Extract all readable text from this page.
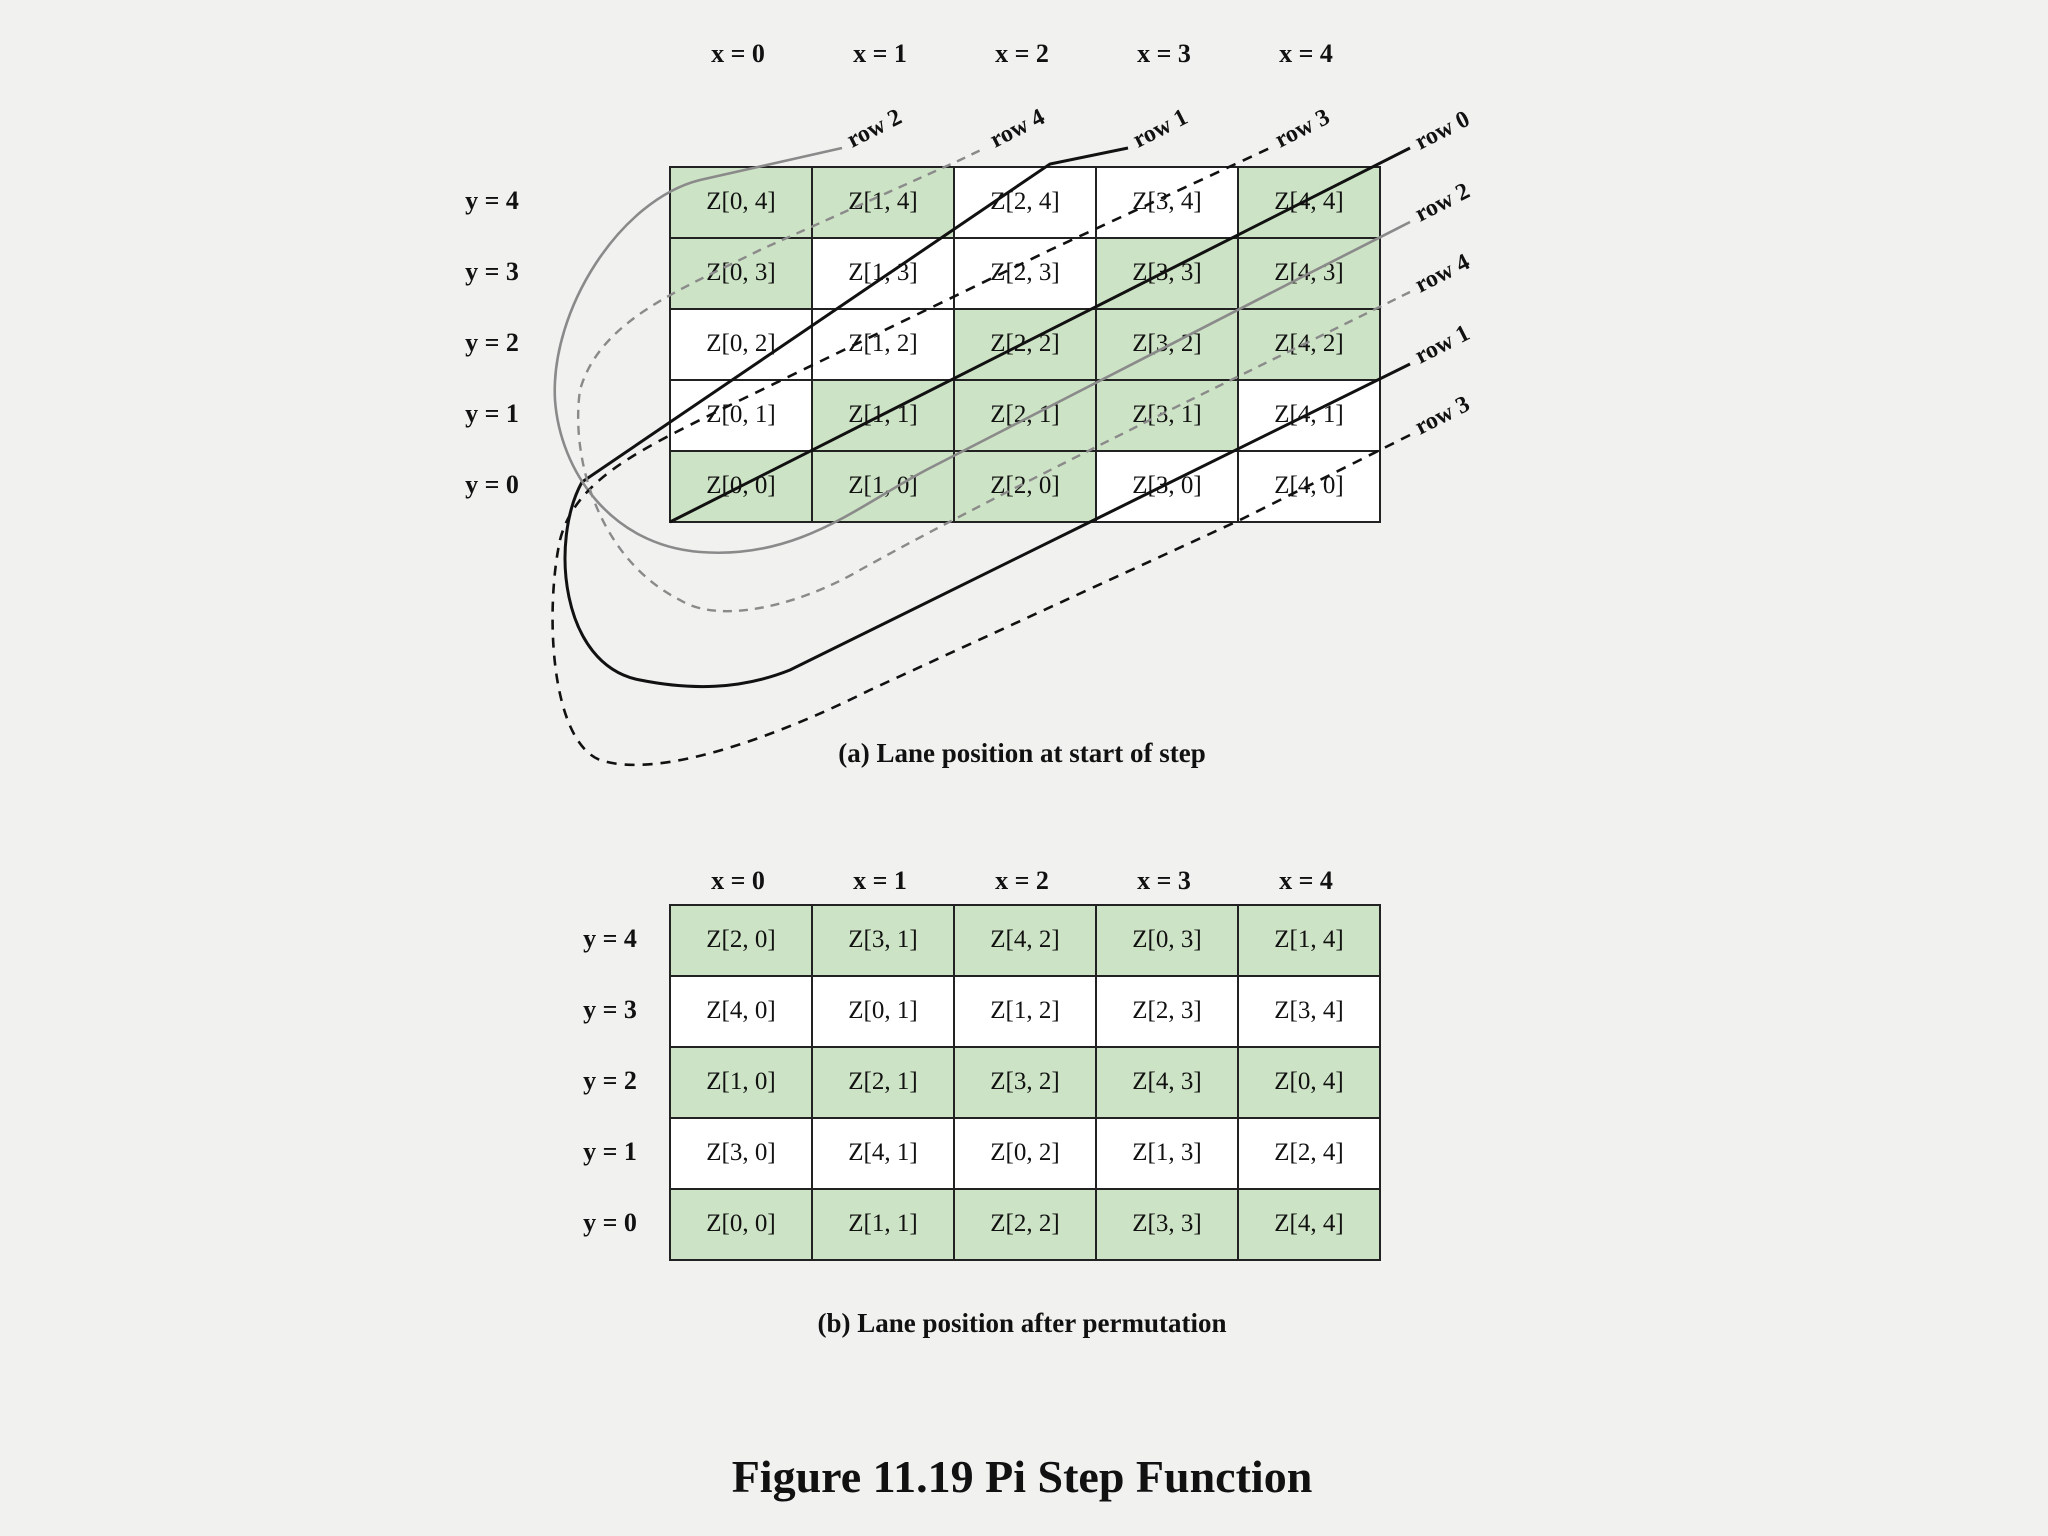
Z[0, 4]	Z[1, 4]	Z[2, 4]	Z[3, 4]	Z[4, 4]
Z[0, 3]	Z[1, 3]	Z[2, 3]	Z[3, 3]	Z[4, 3]
Z[0, 2]	Z[1, 2]	Z[2, 2]	Z[3, 2]	Z[4, 2]
Z[0, 1]	Z[1, 1]	Z[2, 1]	Z[3, 1]	Z[4, 1]
Z[0, 0]	Z[1, 0]	Z[2, 0]	Z[3, 0]	Z[4, 0]
x = 0	x = 1	x = 2	x = 3	x = 4
y = 4
y = 3
y = 2
y = 1
y = 0
row 2	row 4	row 1	row 3	row 0
row 2
row 4
row 1
row 3
(a) Lane position at start of step
Z[2, 0]	Z[3, 1]	Z[4, 2]	Z[0, 3]	Z[1, 4]
Z[4, 0]	Z[0, 1]	Z[1, 2]	Z[2, 3]	Z[3, 4]
Z[1, 0]	Z[2, 1]	Z[3, 2]	Z[4, 3]	Z[0, 4]
Z[3, 0]	Z[4, 1]	Z[0, 2]	Z[1, 3]	Z[2, 4]
Z[0, 0]	Z[1, 1]	Z[2, 2]	Z[3, 3]	Z[4, 4]
x = 0	x = 1	x = 2	x = 3	x = 4
y = 4
y = 3
y = 2
y = 1
y = 0
(b) Lane position after permutation
Figure 11.19 Pi Step Function
